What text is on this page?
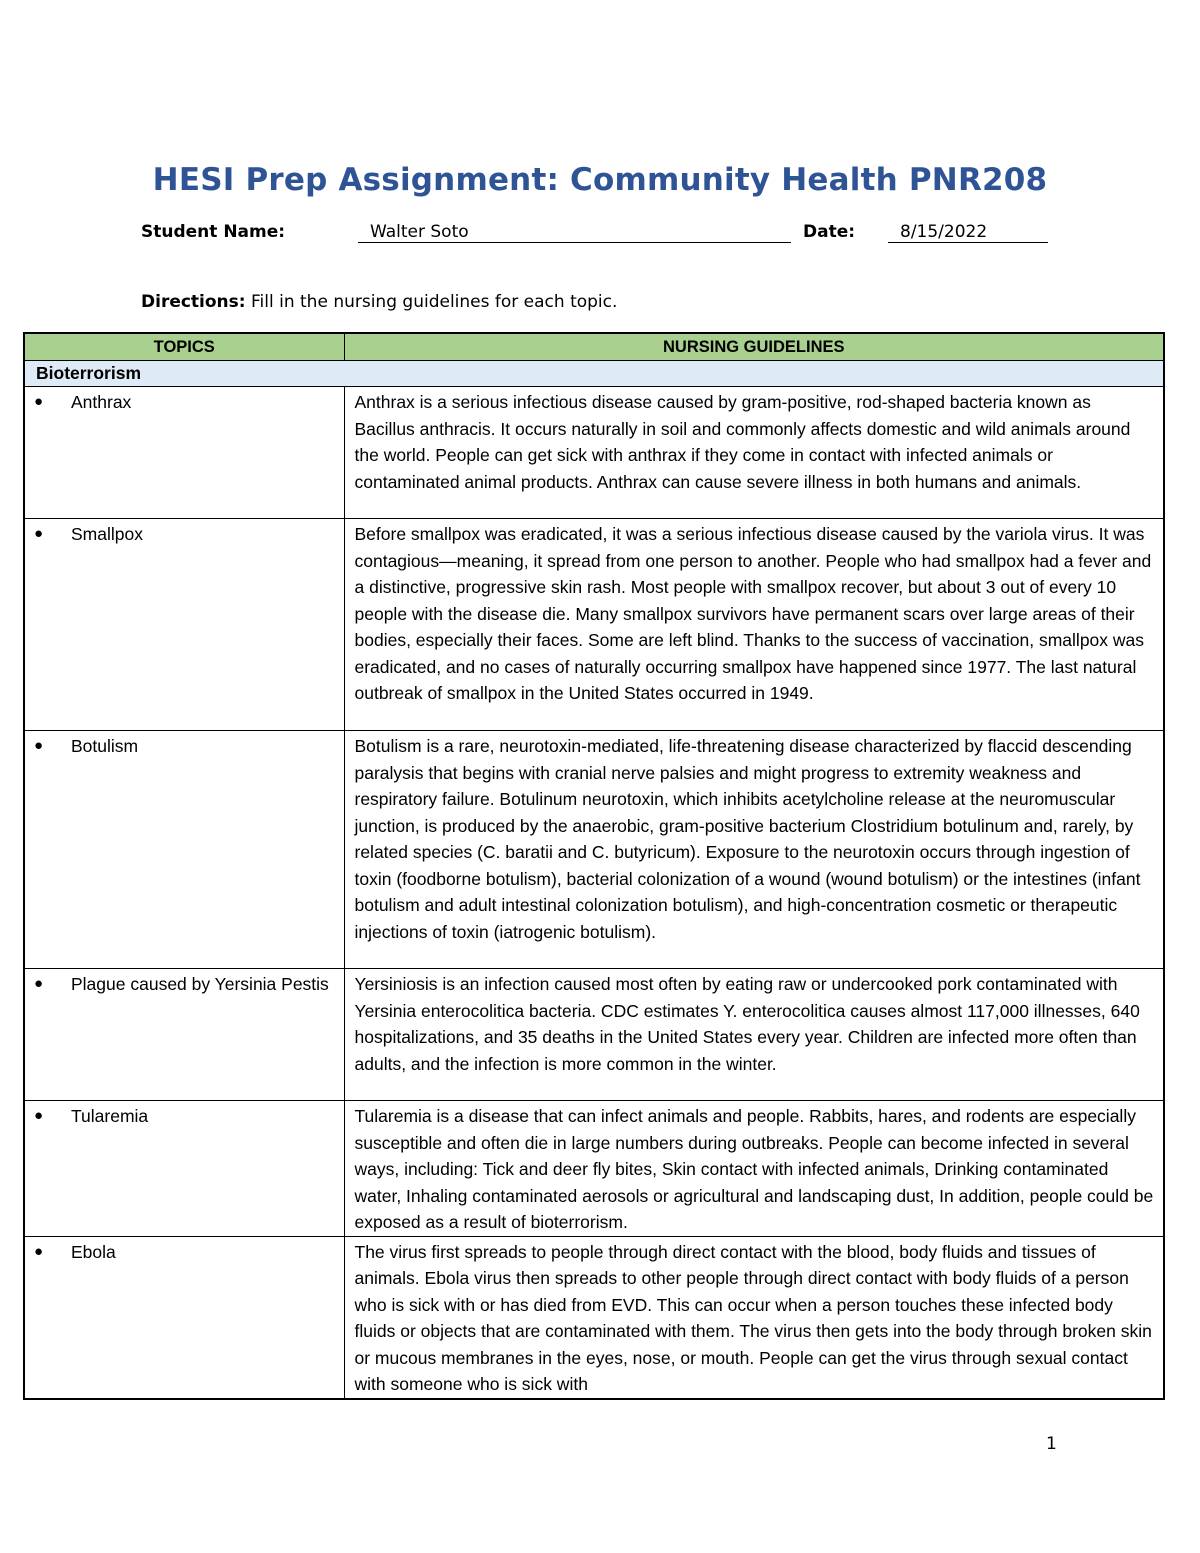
HESI Prep Assignment: Community Health PNR208
Student Name:	Walter Soto	Date:	8/15/2022
Directions: Fill in the nursing guidelines for each topic.
TOPICS	NURSING GUIDELINES
Bioterrorism	

● Anthrax	Anthrax is a serious infectious disease caused by gram-positive, rod-shaped bacteria known as Bacillus anthracis. It occurs naturally in soil and commonly affects domestic and wild animals around the world. People can get sick with anthrax if they come in contact with infected animals or contaminated animal products. Anthrax can cause severe illness in both humans and animals.

● Smallpox	Before smallpox was eradicated, it was a serious infectious disease caused by the variola virus. It was contagious—meaning, it spread from one person to another. People who had smallpox had a fever and a distinctive, progressive skin rash. Most people with smallpox recover, but about 3 out of every 10 people with the disease die. Many smallpox survivors have permanent scars over large areas of their bodies, especially their faces. Some are left blind. Thanks to the success of vaccination, smallpox was eradicated, and no cases of naturally occurring smallpox have happened since 1977. The last natural outbreak of smallpox in the United States occurred in 1949.

● Botulism	Botulism is a rare, neurotoxin-mediated, life-threatening disease characterized by flaccid descending paralysis that begins with cranial nerve palsies and might progress to extremity weakness and respiratory failure. Botulinum neurotoxin, which inhibits acetylcholine release at the neuromuscular junction, is produced by the anaerobic, gram-positive bacterium Clostridium botulinum and, rarely, by related species (C. baratii and C. butyricum). Exposure to the neurotoxin occurs through ingestion of toxin (foodborne botulism), bacterial colonization of a wound (wound botulism) or the intestines (infant botulism and adult intestinal colonization botulism), and high-concentration cosmetic or therapeutic injections of toxin (iatrogenic botulism).

● Plague caused by Yersinia Pestis	Yersiniosis is an infection caused most often by eating raw or undercooked pork contaminated with Yersinia enterocolitica bacteria. CDC estimates Y. enterocolitica causes almost 117,000 illnesses, 640 hospitalizations, and 35 deaths in the United States every year. Children are infected more often than adults, and the infection is more common in the winter.

● Tularemia	Tularemia is a disease that can infect animals and people. Rabbits, hares, and rodents are especially susceptible and often die in large numbers during outbreaks. People can become infected in several ways, including: Tick and deer fly bites, Skin contact with infected animals, Drinking contaminated water, Inhaling contaminated aerosols or agricultural and landscaping dust, In addition, people could be exposed as a result of bioterrorism.

● Ebola	The virus first spreads to people through direct contact with the blood, body fluids and tissues of animals. Ebola virus then spreads to other people through direct contact with body fluids of a person who is sick with or has died from EVD. This can occur when a person touches these infected body fluids or objects that are contaminated with them. The virus then gets into the body through broken skin or mucous membranes in the eyes, nose, or mouth. People can get the virus through sexual contact with someone who is sick with
1
